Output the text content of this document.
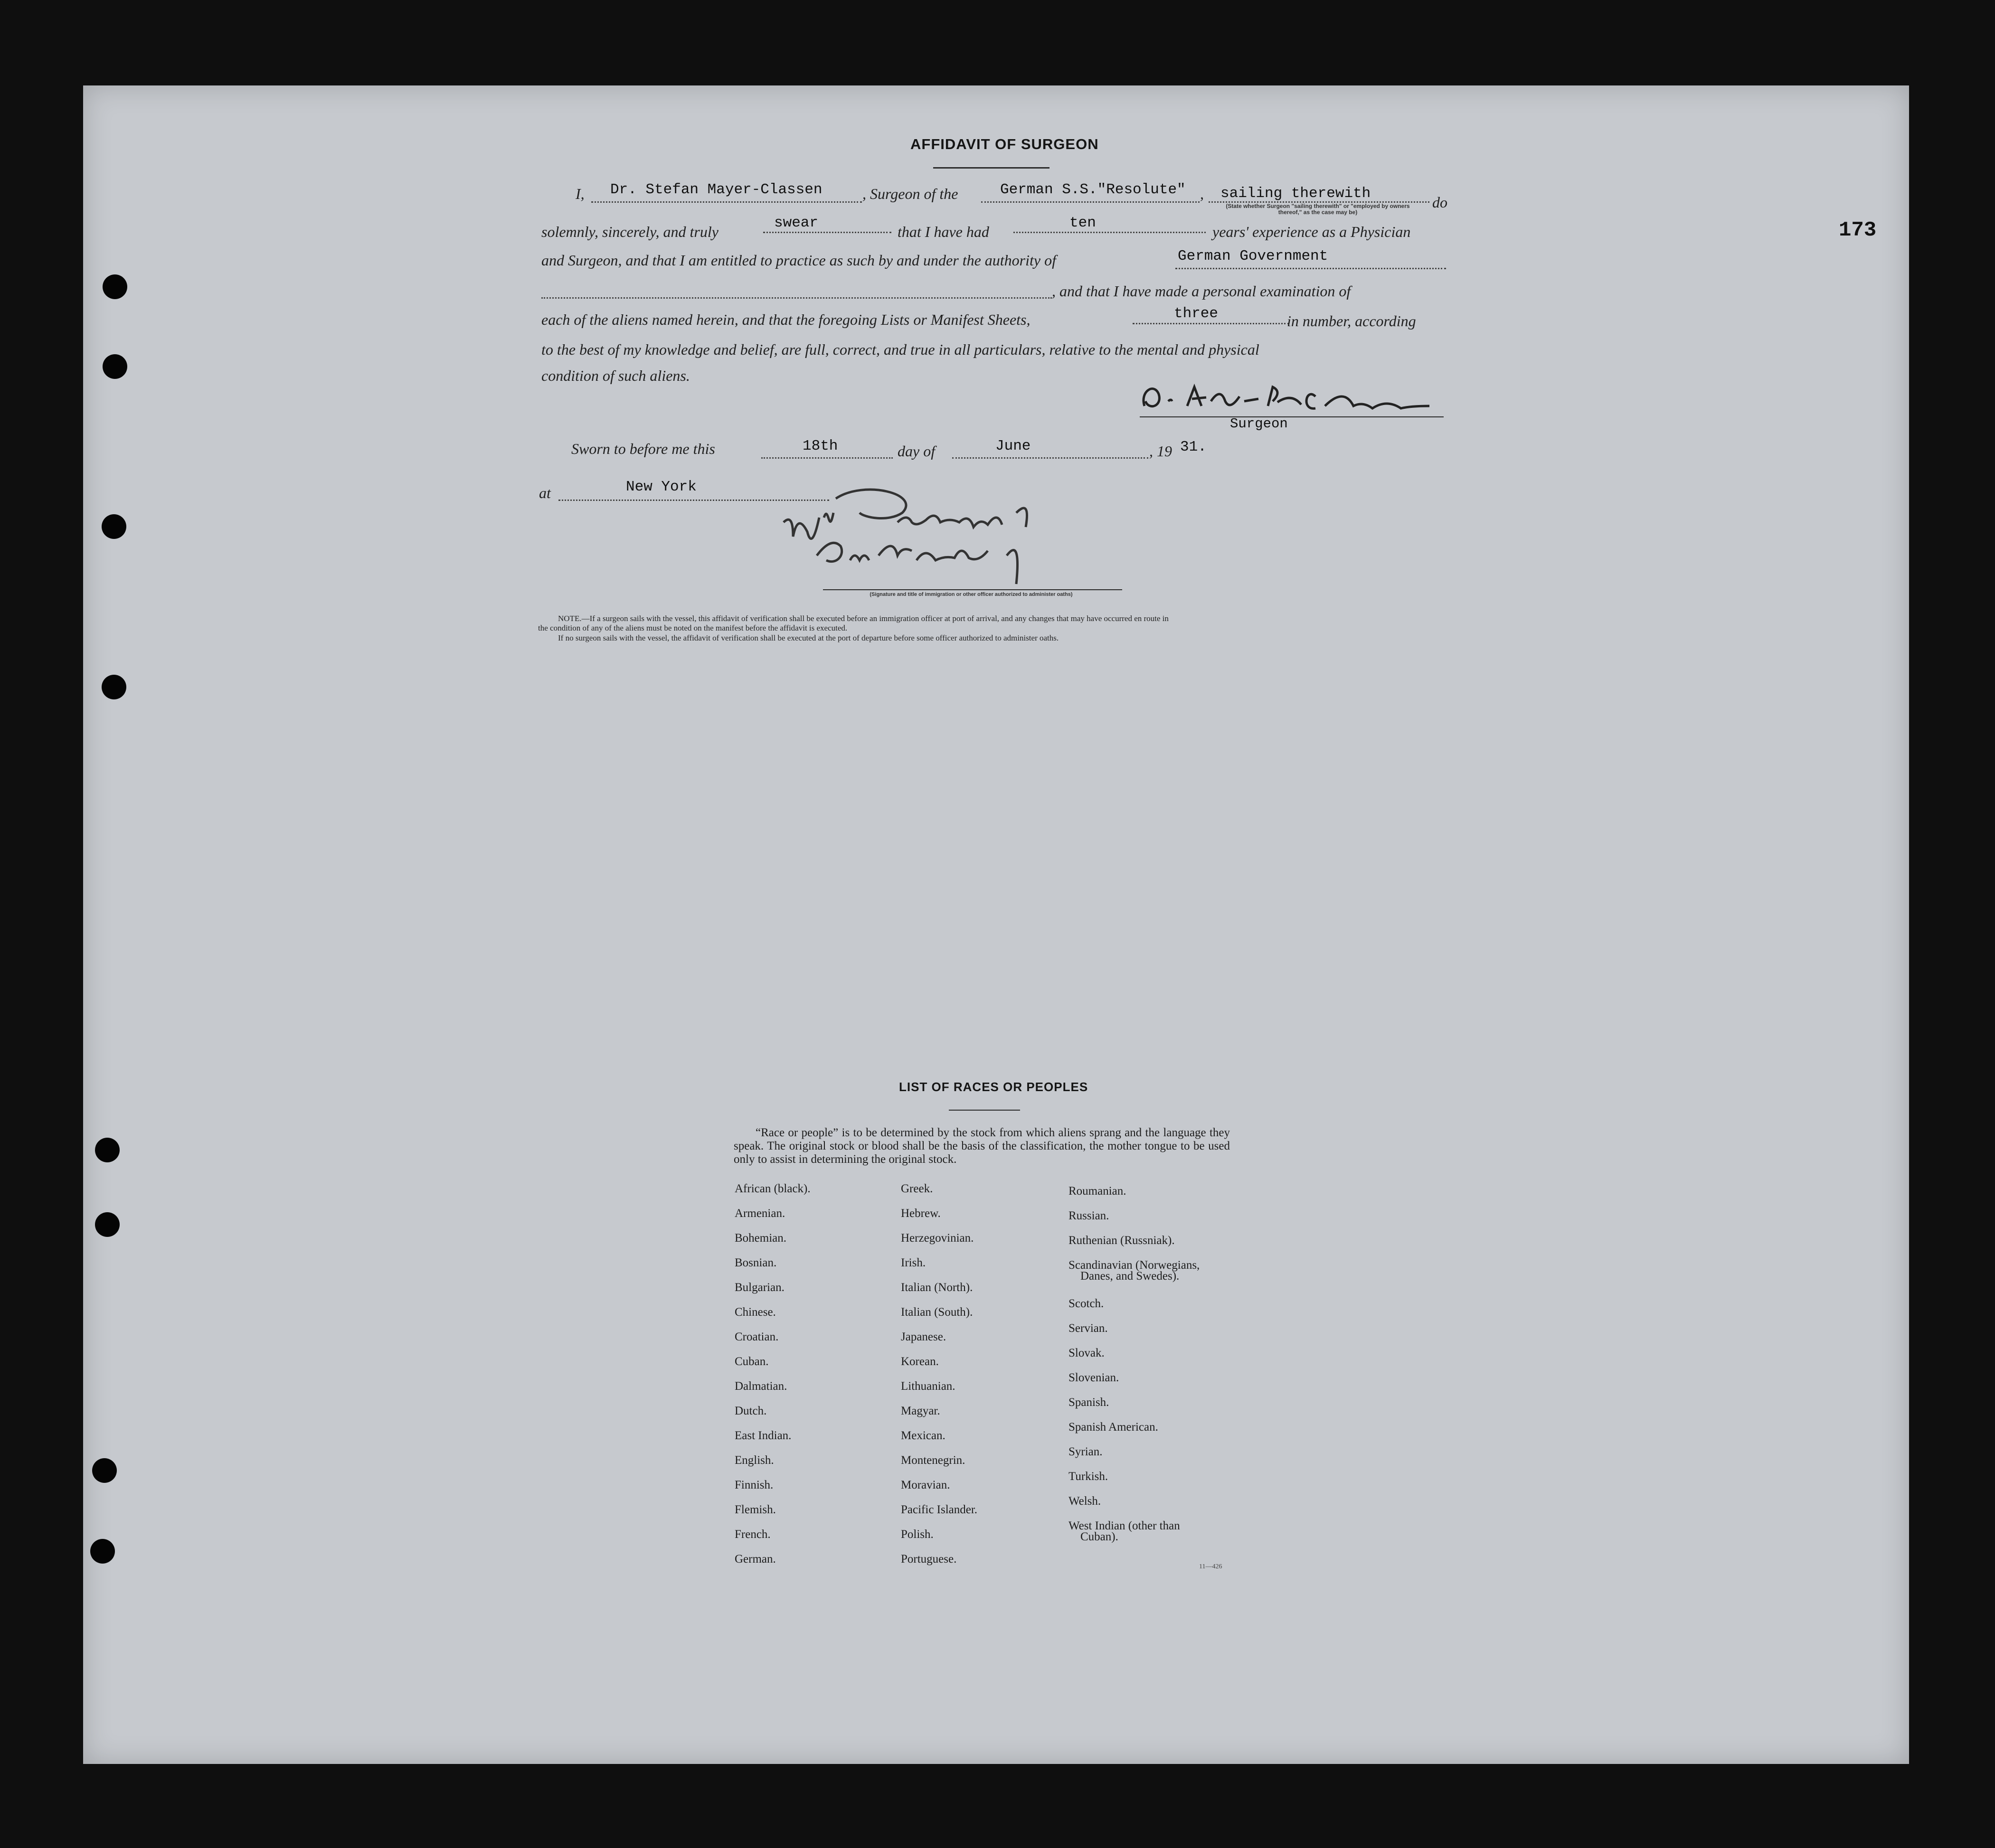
173
AFFIDAVIT OF SURGEON
I, Dr. Stefan Mayer-Classen	, Surgeon of the	German S.S."Resolute" , sailing therewith
do
(State whether Surgeon "sailing therewith" or "employed by owners thereof," as the case may be)
solemnly, sincerely, and truly
swear
that I have had
ten
years' experience as a Physician
and Surgeon, and that I am entitled to practice as such by and under the authority of	German Government
, and that I have made a personal examination of
each of the aliens named herein, and that the foregoing Lists or Manifest Sheets,	three	in number, according
to the best of my knowledge and belief, are full, correct, and true in all particulars, relative to the mental and physical
condition of such aliens.
Surgeon
Sworn to before me this	18th	day of	June	, 19 31.
at	New York
(Signature and title of immigration or other officer authorized to administer oaths)
NOTE.—If a surgeon sails with the vessel, this affidavit of verification shall be executed before an immigration officer at port of arrival, and any changes that may have occurred en route in
the condition of any of the aliens must be noted on the manifest before the affidavit is executed.
If no surgeon sails with the vessel, the affidavit of verification shall be executed at the port of departure before some officer authorized to administer oaths.
LIST OF RACES OR PEOPLES
“Race or people” is to be determined by the stock from which aliens sprang and the language they speak. The original stock or blood shall be the basis of the classification, the mother tongue to be used only to assist in determining the original stock.
African (black).
Armenian.
Bohemian.
Bosnian.
Bulgarian.
Chinese.
Croatian.
Cuban.
Dalmatian.
Dutch.
East Indian.
English.
Finnish.
Flemish.
French.
German.
Greek.
Hebrew.
Herzegovinian.
Irish.
Italian (North).
Italian (South).
Japanese.
Korean.
Lithuanian.
Magyar.
Mexican.
Montenegrin.
Moravian.
Pacific Islander.
Polish.
Portuguese.
Roumanian.
Russian.
Ruthenian (Russniak).
Scandinavian (Norwegians,
Danes, and Swedes).
Scotch.
Servian.
Slovak.
Slovenian.
Spanish.
Spanish American.
Syrian.
Turkish.
Welsh.
West Indian (other than
Cuban).
11—426
